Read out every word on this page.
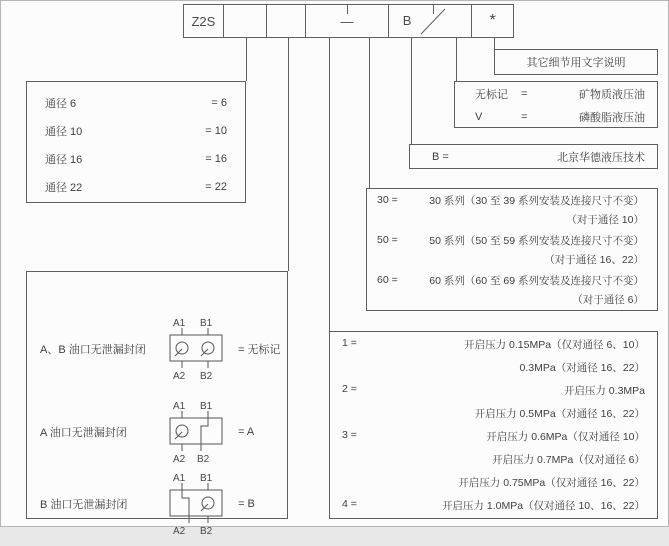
Z2S	—	B	*
通径 6	= 6
通径 10	= 10
通径 16	= 16
通径 22	= 22
A、B 油口无泄漏封闭
A1 B1
A2 B2
= 无标记
A 油口无泄漏封闭
A1 B1
A2 B2
= A
B 油口无泄漏封闭
A1 B1
A2 B2
= B
其它细节用文字说明
无标记	=	矿物质液压油
V	=	磷酸脂液压油
B =	北京华德液压技术
30 =	30 系列（30 至 39 系列安装及连接尺寸不变）
（对于通径 10）
50 =	50 系列（50 至 59 系列安装及连接尺寸不变）
（对于通径 16、22）
60 =	60 系列（60 至 69 系列安装及连接尺寸不变）
（对于通径 6）
1 =	开启压力 0.15MPa（仅对通径 6、10）
0.3MPa（对通径 16、22）
2 =	开启压力 0.3MPa
开启压力 0.5MPa（对通径 16、22）
3 =	开启压力 0.6MPa（仅对通径 10）
开启压力 0.7MPa（仅对通径 6）
开启压力 0.75MPa（仅对通径 16、22）
4 =	开启压力 1.0MPa（仅对通径 10、16、22）
